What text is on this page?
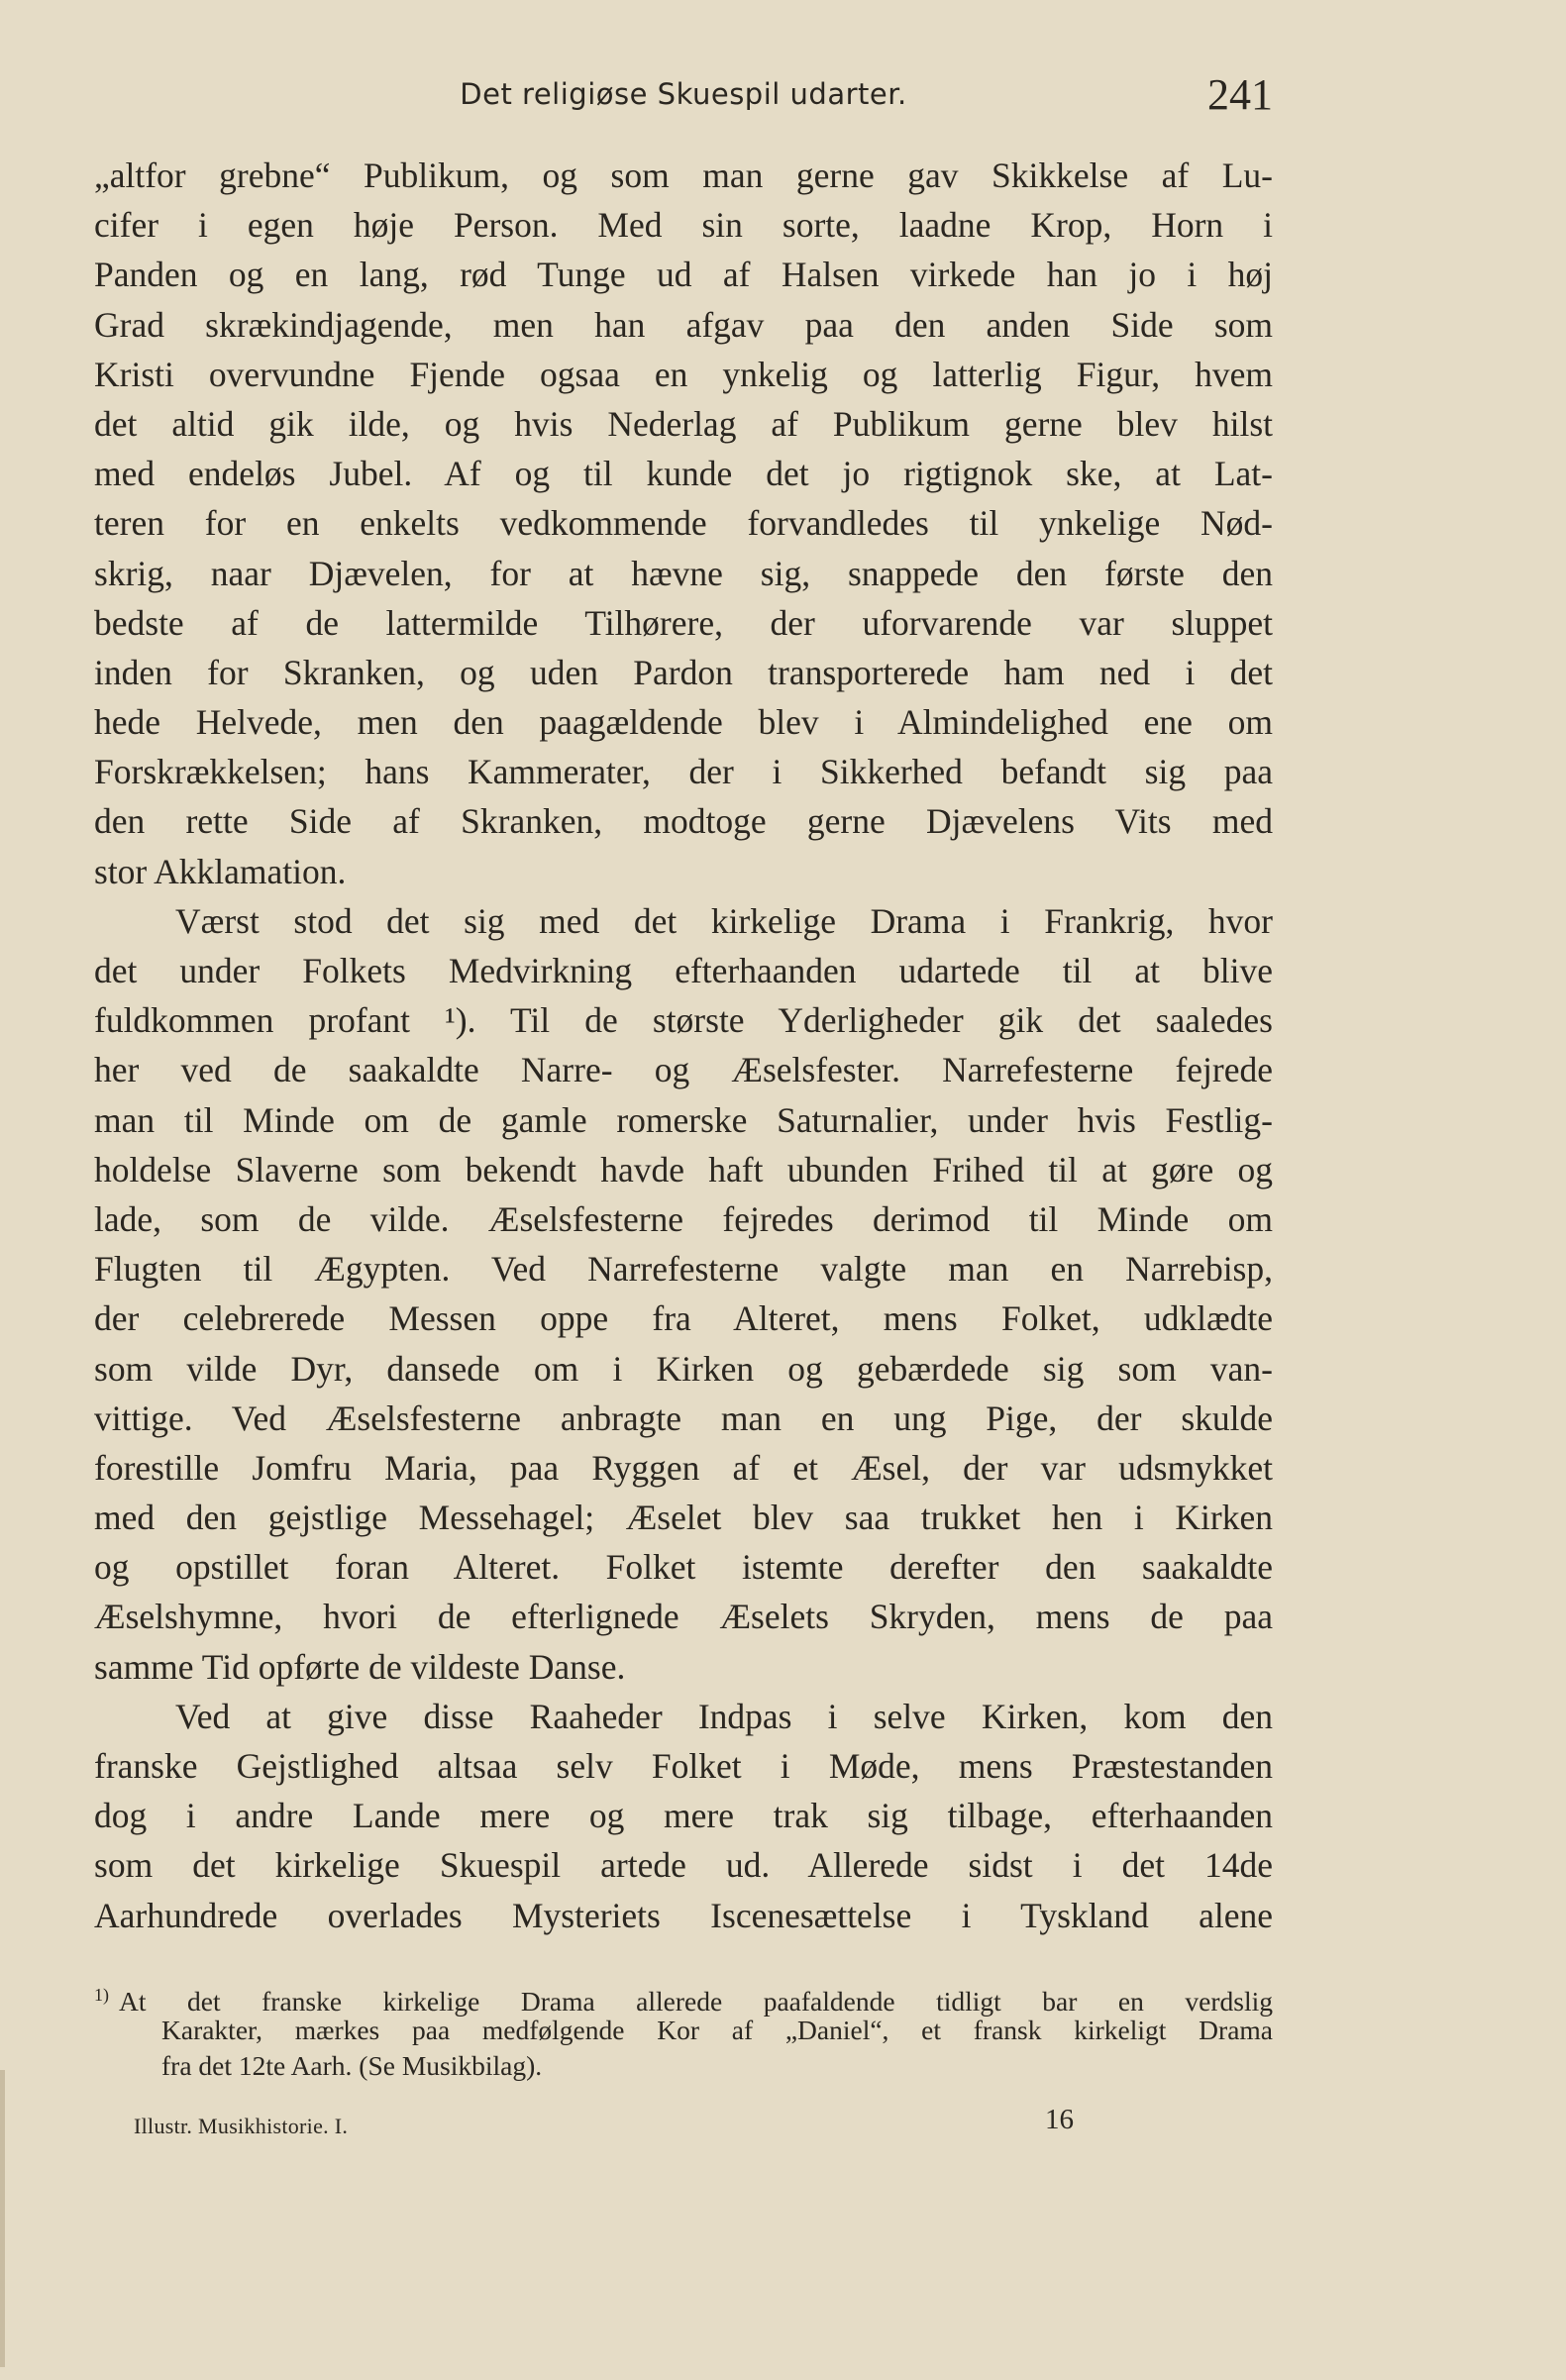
Det religiøse Skuespil udarter.	241
„altfor grebne“ Publikum, og som man gerne gav Skikkelse af Lu-
cifer i egen høje Person. Med sin sorte, laadne Krop, Horn i
Panden og en lang, rød Tunge ud af Halsen virkede han jo i høj
Grad skrækindjagende, men han afgav paa den anden Side som
Kristi overvundne Fjende ogsaa en ynkelig og latterlig Figur, hvem
det altid gik ilde, og hvis Nederlag af Publikum gerne blev hilst
med endeløs Jubel. Af og til kunde det jo rigtignok ske, at Lat-
teren for en enkelts vedkommende forvandledes til ynkelige Nød-
skrig, naar Djævelen, for at hævne sig, snappede den første den
bedste af de lattermilde Tilhørere, der uforvarende var sluppet
inden for Skranken, og uden Pardon transporterede ham ned i det
hede Helvede, men den paagældende blev i Almindelighed ene om
Forskrækkelsen; hans Kammerater, der i Sikkerhed befandt sig paa
den rette Side af Skranken, modtoge gerne Djævelens Vits med
stor Akklamation.
Værst stod det sig med det kirkelige Drama i Frankrig, hvor
det under Folkets Medvirkning efterhaanden udartede til at blive
fuldkommen profant ¹). Til de største Yderligheder gik det saaledes
her ved de saakaldte Narre- og Æselsfester. Narrefesterne fejrede
man til Minde om de gamle romerske Saturnalier, under hvis Festlig-
holdelse Slaverne som bekendt havde haft ubunden Frihed til at gøre og
lade, som de vilde. Æselsfesterne fejredes derimod til Minde om
Flugten til Ægypten. Ved Narrefesterne valgte man en Narrebisp,
der celebrerede Messen oppe fra Alteret, mens Folket, udklædte
som vilde Dyr, dansede om i Kirken og gebærdede sig som van-
vittige. Ved Æselsfesterne anbragte man en ung Pige, der skulde
forestille Jomfru Maria, paa Ryggen af et Æsel, der var udsmykket
med den gejstlige Messehagel; Æselet blev saa trukket hen i Kirken
og opstillet foran Alteret. Folket istemte derefter den saakaldte
Æselshymne, hvori de efterlignede Æselets Skryden, mens de paa
samme Tid opførte de vildeste Danse.
Ved at give disse Raaheder Indpas i selve Kirken, kom den
franske Gejstlighed altsaa selv Folket i Møde, mens Præstestanden
dog i andre Lande mere og mere trak sig tilbage, efterhaanden
som det kirkelige Skuespil artede ud. Allerede sidst i det 14de
Aarhundrede overlades Mysteriets Iscenesættelse i Tyskland alene
$^{1)}$ At det franske kirkelige Drama allerede paafaldende tidligt bar en verdslig
Karakter, mærkes paa medfølgende Kor af „Daniel“, et fransk kirkeligt Drama
fra det 12te Aarh. (Se Musikbilag).
Illustr. Musikhistorie. I.	16
